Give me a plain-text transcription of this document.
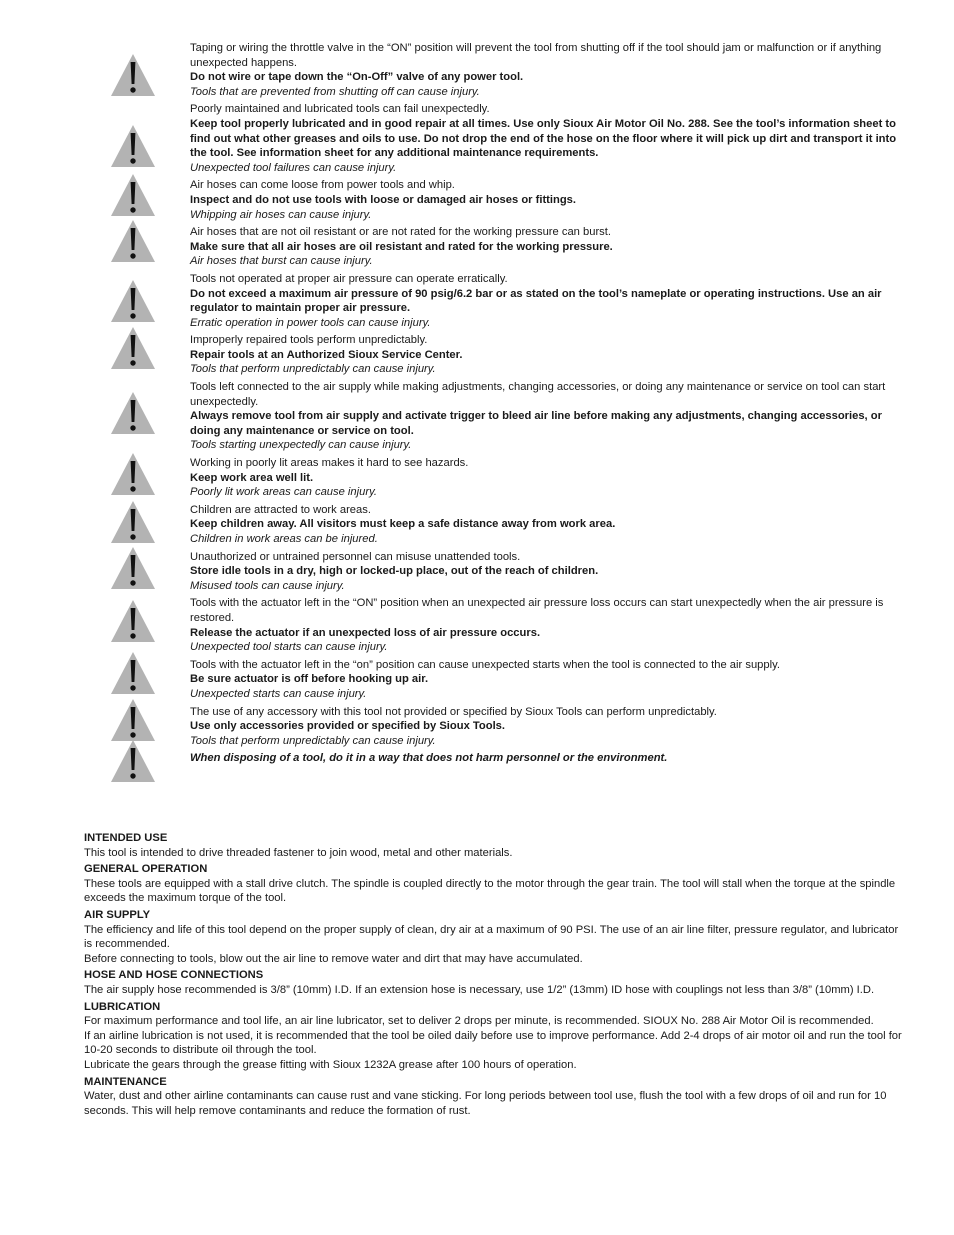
Taping or wiring the throttle valve in the “ON” position will prevent the tool from shutting off if the tool should jam or malfunction or if anything unexpected happens.
Do not wire or tape down the “On-Off” valve of any power tool.
Tools that are prevented from shutting off can cause injury.
Poorly maintained and lubricated tools can fail unexpectedly.
Keep tool properly lubricated and in good repair at all times. Use only Sioux Air Motor Oil No. 288. See the tool’s information sheet to find out what other greases and oils to use. Do not drop the end of the hose on the floor where it will pick up dirt and transport it into the tool. See information sheet for any additional maintenance requirements.
Unexpected tool failures can cause injury.
Air hoses can come loose from power tools and whip.
Inspect and do not use tools with loose or damaged air hoses or fittings.
Whipping air hoses can cause injury.
Air hoses that are not oil resistant or are not rated for the working pressure can burst.
Make sure that all air hoses are oil resistant and rated for the working pressure.
Air hoses that burst can cause injury.
Tools not operated at proper air pressure can operate erratically.
Do not exceed a maximum air pressure of 90 psig/6.2 bar or as stated on the tool’s nameplate or operating instructions. Use an air regulator to maintain proper air pressure.
Erratic operation in power tools can cause injury.
Improperly repaired tools perform unpredictably.
Repair tools at an Authorized Sioux Service Center.
Tools that perform unpredictably can cause injury.
Tools left connected to the air supply while making adjustments, changing accessories, or doing any maintenance or service on tool can start unexpectedly.
Always remove tool from air supply and activate trigger to bleed air line before making any adjustments, changing accessories, or doing any maintenance or service on tool.
Tools starting unexpectedly can cause injury.
Working in poorly lit areas makes it hard to see hazards.
Keep work area well lit.
Poorly lit work areas can cause injury.
Children are attracted to work areas.
Keep children away. All visitors must keep a safe distance away from work area.
Children in work areas can be injured.
Unauthorized or untrained personnel can misuse unattended tools.
Store idle tools in a dry, high or locked-up place, out of the reach of children.
Misused tools can cause injury.
Tools with the actuator left in the “ON” position when an unexpected air pressure loss occurs can start unexpectedly when the air pressure is restored.
Release the actuator if an unexpected loss of air pressure occurs.
Unexpected tool starts can cause injury.
Tools with the actuator left in the “on” position can cause unexpected starts when the tool is connected to the air supply.
Be sure actuator is off before hooking up air.
Unexpected starts can cause injury.
The use of any accessory with this tool not provided or specified by Sioux Tools can perform unpredictably.
Use only accessories provided or specified by Sioux Tools.
Tools that perform unpredictably can cause injury.
When disposing of a tool, do it in a way that does not harm personnel or the environment.
INTENDED USE

This tool is intended to drive threaded fastener to join wood, metal and other materials.

GENERAL OPERATION

These tools are equipped with a stall drive clutch. The spindle is coupled directly to the motor through the gear train. The tool will stall when the torque at the spindle exceeds the maximum torque of the tool.

AIR SUPPLY

The efficiency and life of this tool depend on the proper supply of clean, dry air at a maximum of 90 PSI. The use of an air line filter, pressure regulator, and lubricator is recommended.

Before connecting to tools, blow out the air line to remove water and dirt that may have accumulated.

HOSE AND HOSE CONNECTIONS

The air supply hose recommended is 3/8” (10mm) I.D. If an extension hose is necessary, use 1/2” (13mm) ID hose with couplings not less than 3/8” (10mm) I.D.

LUBRICATION

For maximum performance and tool life, an air line lubricator, set to deliver 2 drops per minute, is recommended. SIOUX No. 288 Air Motor Oil is recommended.

If an airline lubrication is not used, it is recommended that the tool be oiled daily before use to improve performance. Add 2-4 drops of air motor oil and run the tool for 10-20 seconds to distribute oil through the tool.

Lubricate the gears through the grease fitting with Sioux 1232A grease after 100 hours of operation.

MAINTENANCE

Water, dust and other airline contaminants can cause rust and vane sticking. For long periods between tool use, flush the tool with a few drops of oil and run for 10 seconds. This will help remove contaminants and reduce the formation of rust.
